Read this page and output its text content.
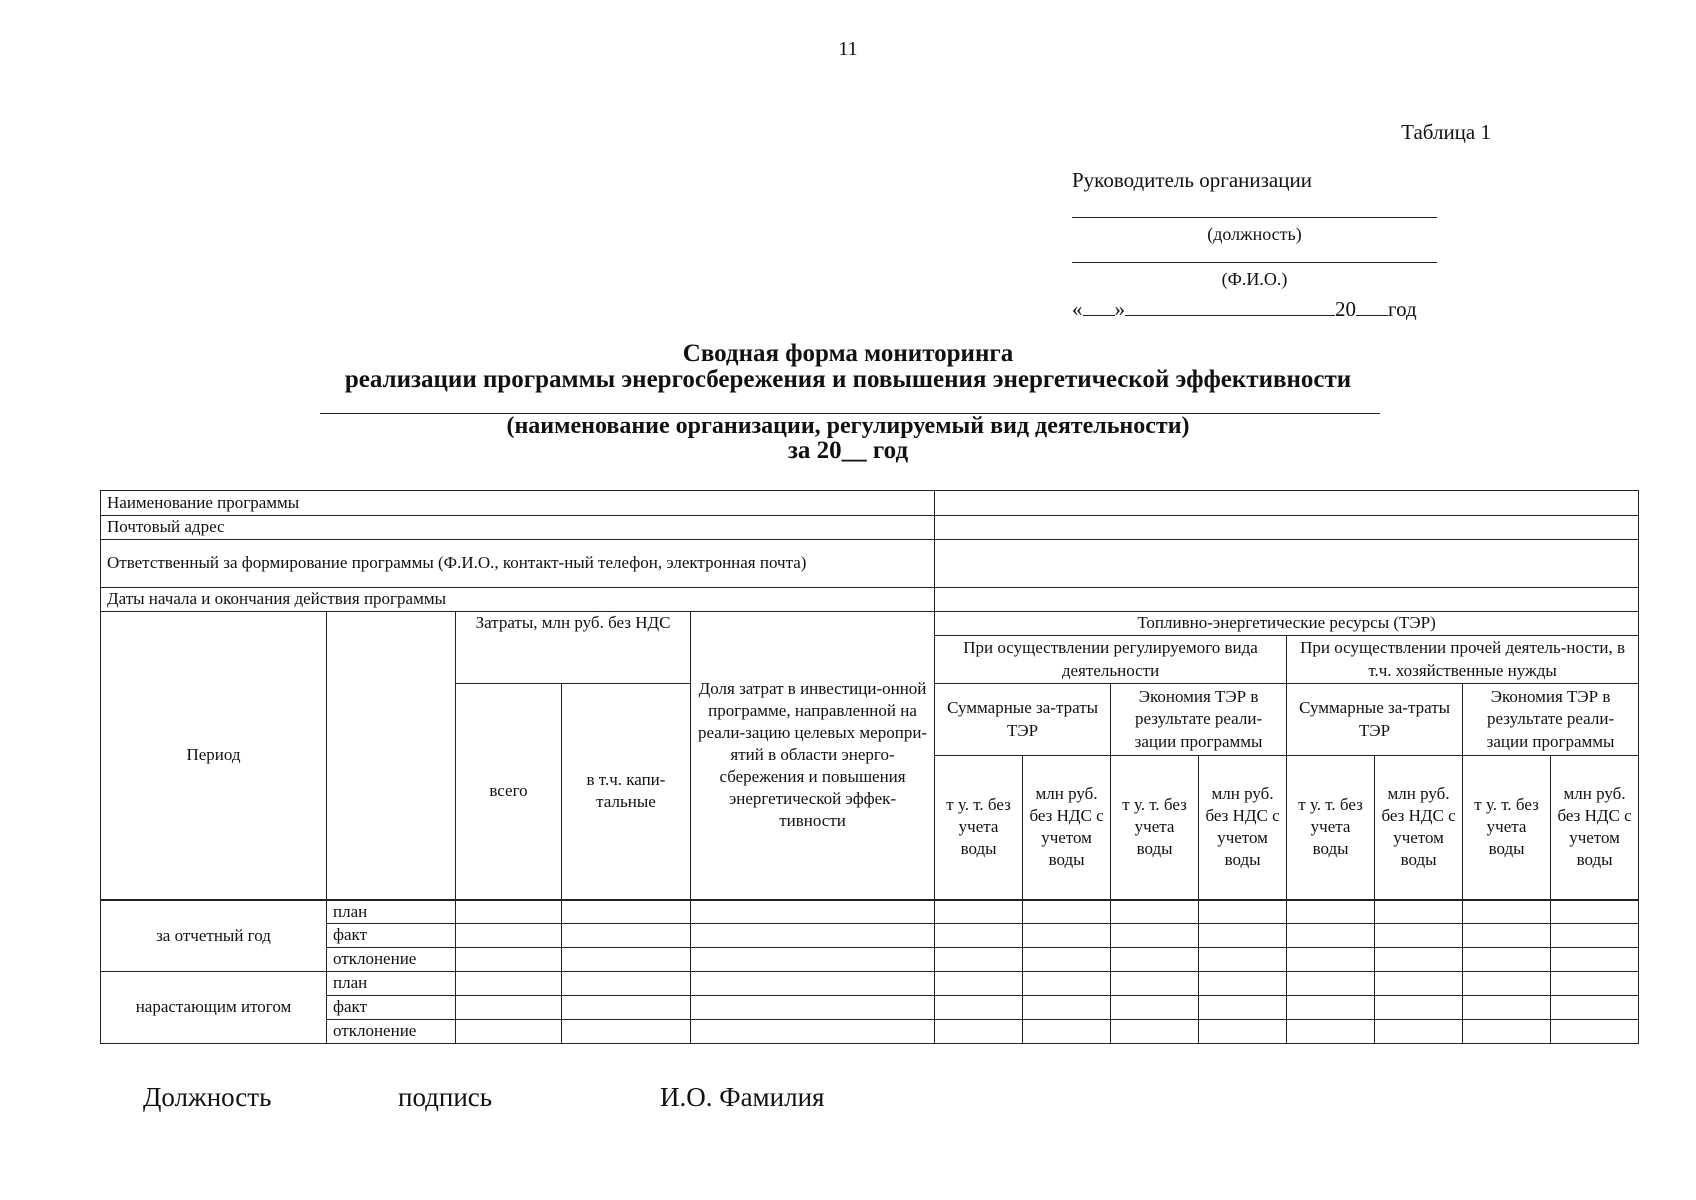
11
Таблица 1
Руководитель организации
(должность)
(Ф.И.О.)
« »	20 год
Сводная форма мониторинга
реализации программы энергосбережения и повышения энергетической эффективности
(наименование организации, регулируемый вид деятельности)
за 20__ год
Наименование программы												
Почтовый адрес												
Ответственный за формирование программы (Ф.И.О., контакт-ный телефон, электронная почта)												
Даты начала и окончания действия программы												
Период		Затраты, млн руб. без НДС		Доля затрат в инвестици-онной программе, направленной на реали-зацию целевых меропри-ятий в области энерго-сбережения и повышения энергетической эффек-тивности	Топливно-энергетические ресурсы (ТЭР)							
					При осуществлении регулируемого вида деятельности				При осуществлении прочей деятель-ности, в т.ч. хозяйственные нужды			

		всего	в т.ч. капи-тальные		Суммарные за-траты ТЭР		Экономия ТЭР в результате реали-зации программы		Суммарные за-траты ТЭР		Экономия ТЭР в результате реали-зации программы	

					т у. т. без учета воды	млн руб. без НДС с учетом воды	т у. т. без учета воды	млн руб. без НДС с учетом воды	т у. т. без учета воды	млн руб. без НДС с учетом воды	т у. т. без учета воды	млн руб. без НДС с учетом воды
за отчетный год	план											
	факт											
	отклонение											
нарастающим итогом	план											
	факт											
	отклонение											
Должность	подпись	И.О. Фамилия
